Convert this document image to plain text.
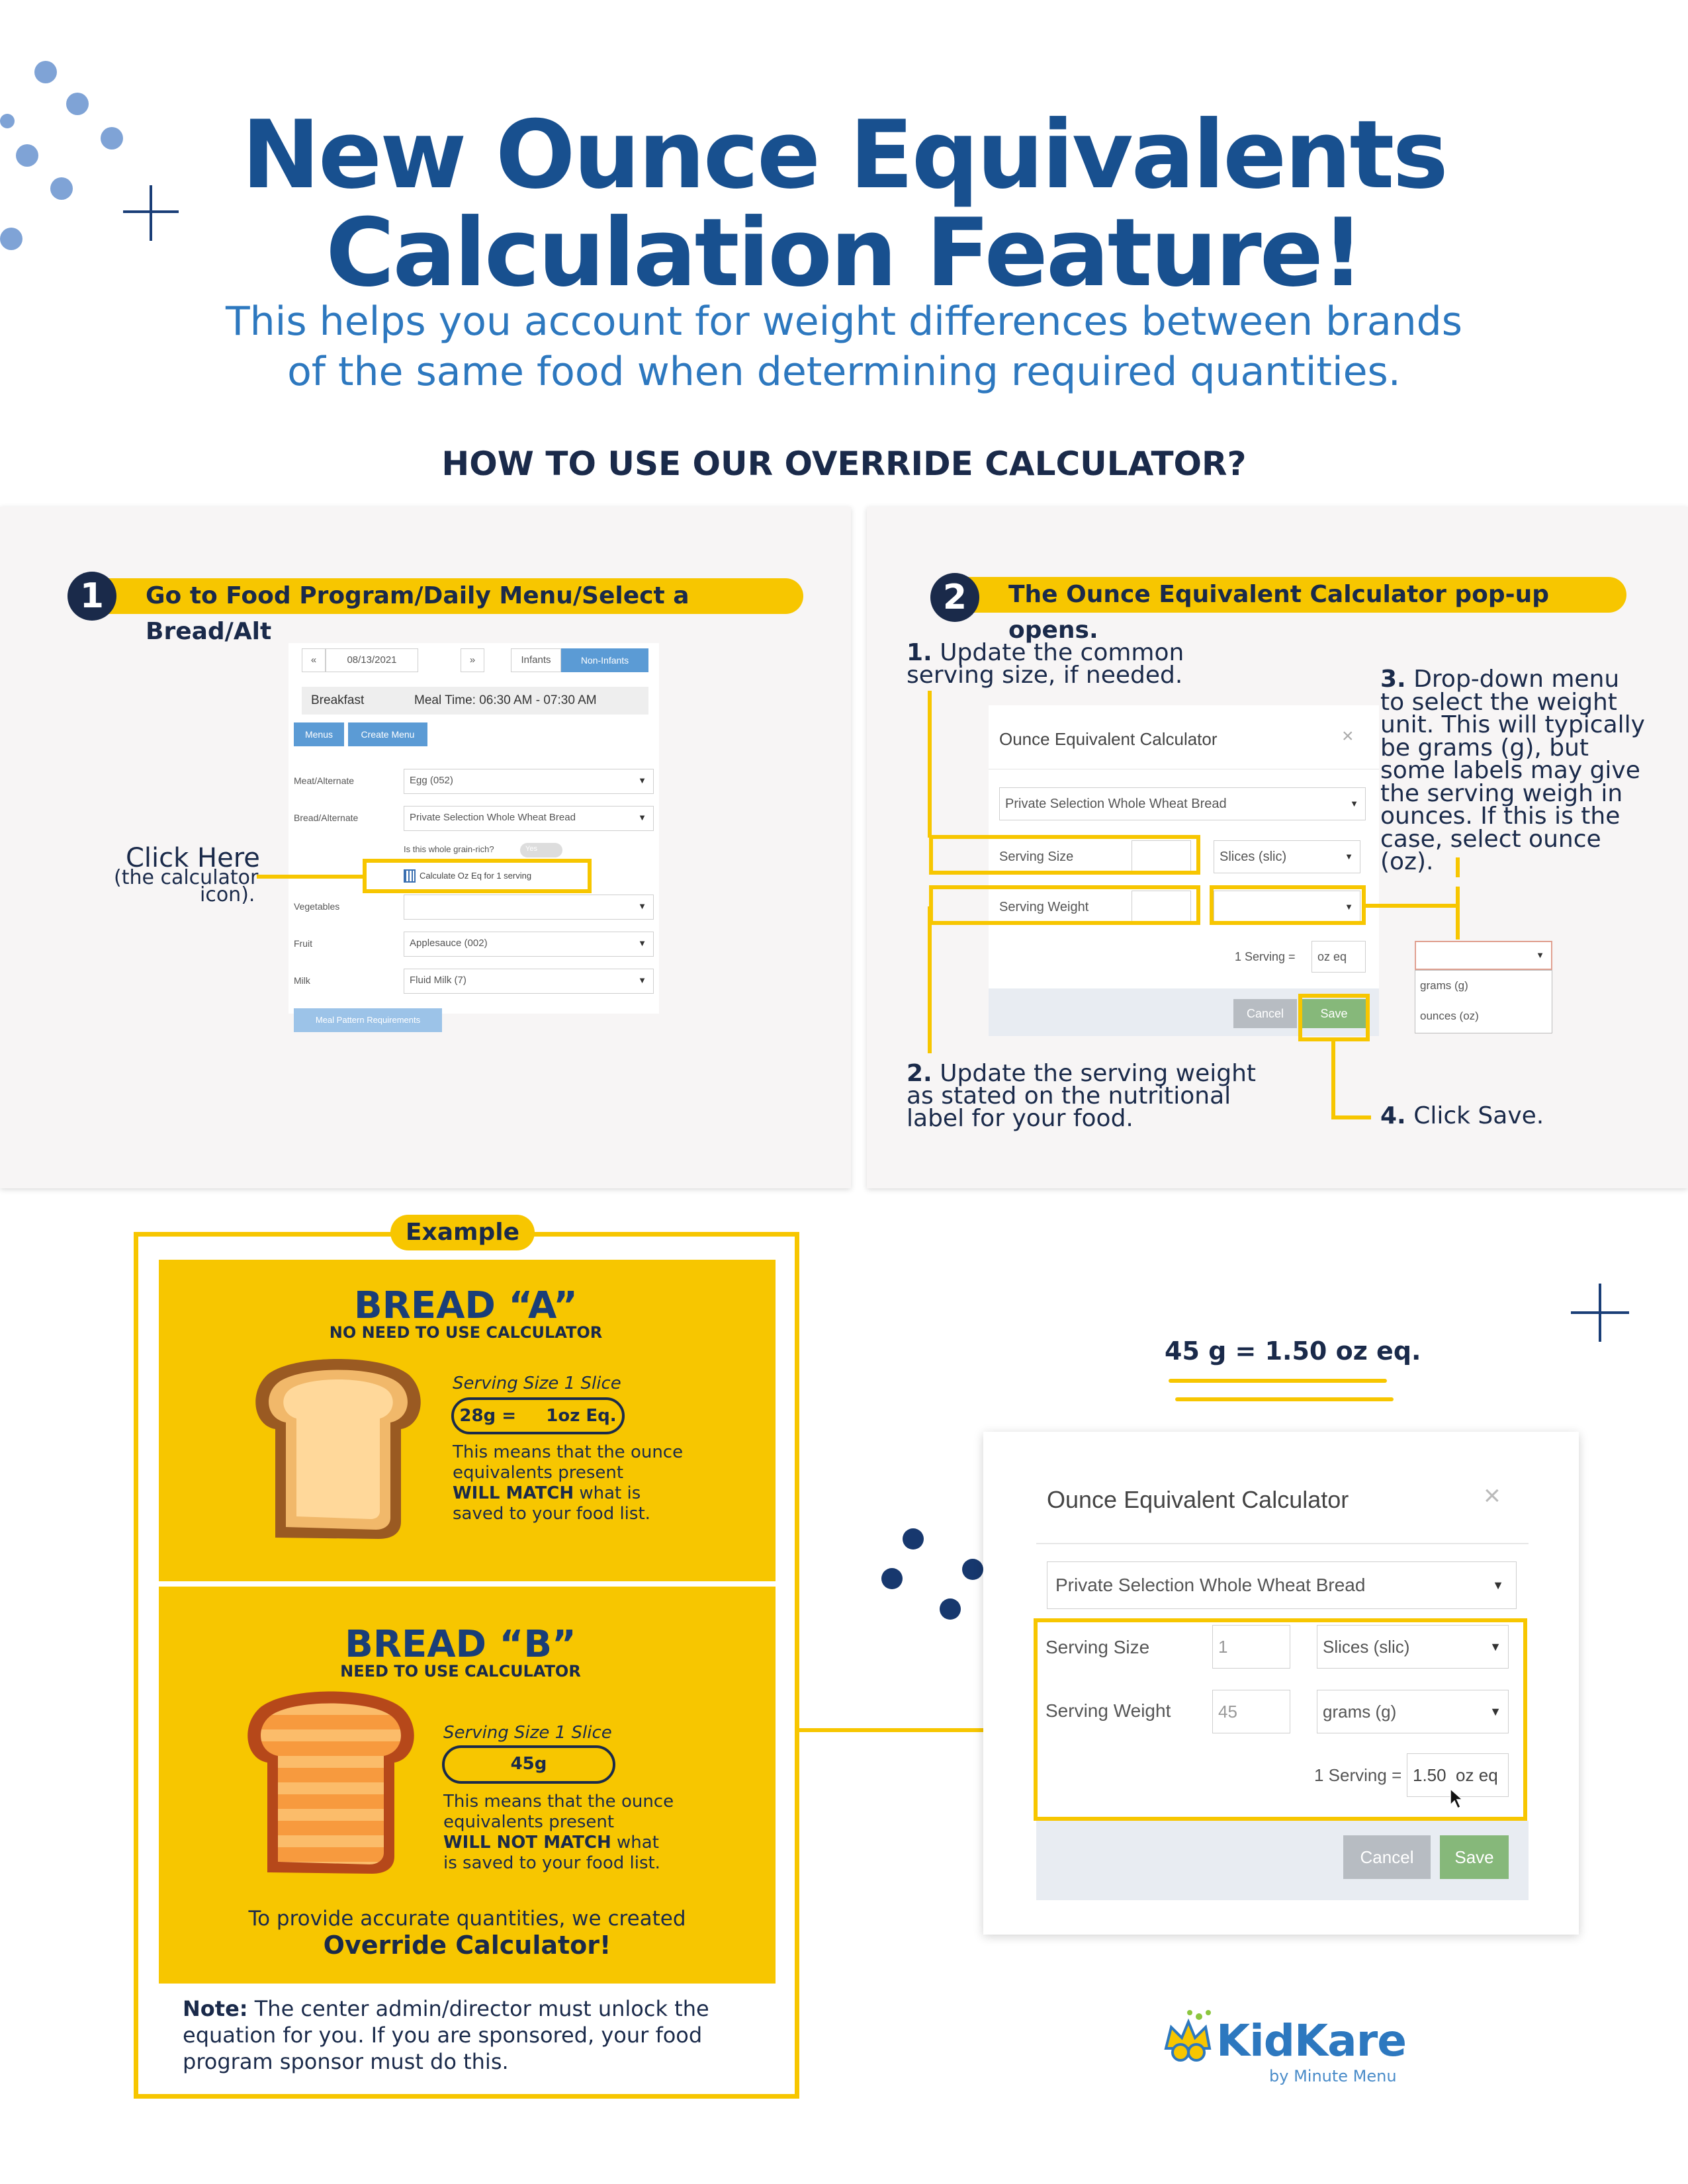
New Ounce Equivalents
Calculation Feature!
This helps you account for weight differences between brands
of the same food when determining required quantities.
HOW TO USE OUR OVERRIDE CALCULATOR?
Go to Food Program/Daily Menu/Select a Bread/Alt
1
«	08/13/2021	»	Infants	Non-Infants
Breakfast	Meal Time: 06:30 AM - 07:30 AM
Menus	Create Menu
Meat/Alternate	Egg (052)	▼
Bread/Alternate	Private Selection Whole Wheat Bread	▼
Is this whole grain-rich?	Yes
Calculate Oz Eq for 1 serving
Vegetables	▼
Fruit	Applesauce (002)	▼
Milk	Fluid Milk (7)	▼
Meal Pattern Requirements
Click Here
(the calculator
icon).
The Ounce Equivalent Calculator pop-up opens.
2
1. Update the common
serving size, if needed.
Ounce Equivalent Calculator	×
Private Selection Whole Wheat Bread	▼
Serving Size	Slices (slic)	▼
Serving Weight	▼
1 Serving =	oz eq
Cancel	Save
▼
grams (g)
ounces (oz)
3. Drop-down menu
to select the weight
unit. This will typically
be grams (g), but
some labels may give
the serving weigh in
ounces. If this is the
case, select ounce
(oz).
2. Update the serving weight
as stated on the nutritional
label for your food.	4. Click Save.
Example
BREAD “A”
NO NEED TO USE CALCULATOR
Serving Size 1 Slice
28g =     1oz Eq.
This means that the ounce
equivalents present
WILL MATCH what is
saved to your food list.
BREAD “B”
NEED TO USE CALCULATOR
Serving Size 1 Slice
45g
This means that the ounce
equivalents present
WILL NOT MATCH what
is saved to your food list.
To provide accurate quantities, we created
Override Calculator!
Note: The center admin/director must unlock the
equation for you. If you are sponsored, your food
program sponsor must do this.
45 g = 1.50 oz eq.
Ounce Equivalent Calculator	×
Private Selection Whole Wheat Bread	▼
Serving Size	1	Slices (slic)	▼
Serving Weight	45	grams (g)	▼
1 Serving = 1.50  oz eq
Cancel	Save
KidKare
by Minute Menu
